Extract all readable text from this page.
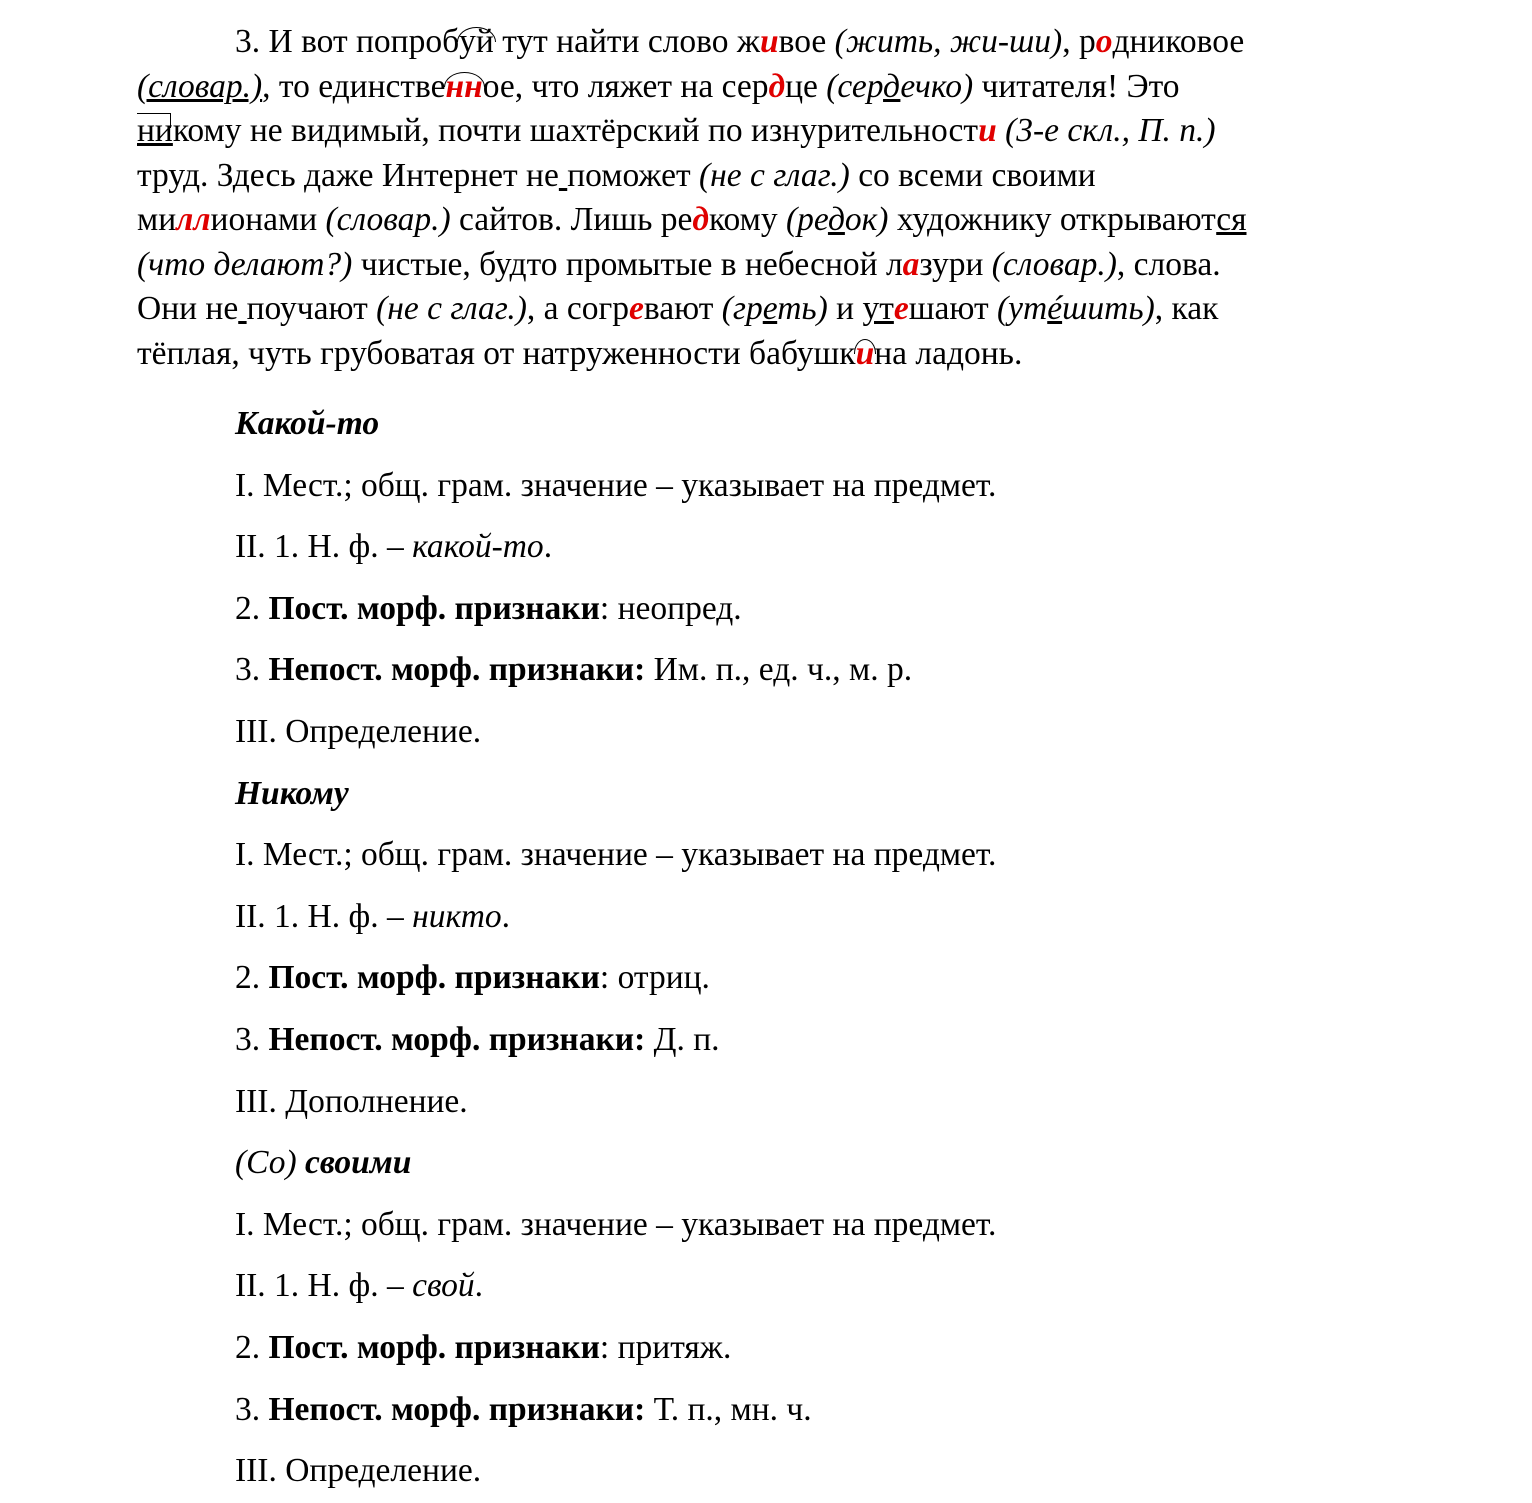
3. И вот попробуй тут найти слово живое (жить, жи-ши), родниковое
(словар.), то единственное, что ляжет на сердце (сердечко) читателя! Это
никому не видимый, почти шахтёрский по изнурительности (3-е скл., П. п.)
труд. Здесь даже Интернет не поможет (не с глаг.) со всеми своими
миллионами (словар.) сайтов. Лишь редкому (редок) художнику открываются
(что делают?) чистые, будто промытые в небесной лазури (словар.), слова.
Они не поучают (не с глаг.), а согревают (греть) и утешают (утéшить), как
тёплая, чуть грубоватая от натруженности бабушкина ладонь.
Какой-то
I. Мест.; общ. грам. значение – указывает на предмет.
II. 1. Н. ф. – какой-то.
2. Пост. морф. признаки: неопред.
3. Непост. морф. признаки: Им. п., ед. ч., м. р.
III. Определение.
Никому
I. Мест.; общ. грам. значение – указывает на предмет.
II. 1. Н. ф. – никто.
2. Пост. морф. признаки: отриц.
3. Непост. морф. признаки: Д. п.
III. Дополнение.
(Со) своими
I. Мест.; общ. грам. значение – указывает на предмет.
II. 1. Н. ф. – свой.
2. Пост. морф. признаки: притяж.
3. Непост. морф. признаки: Т. п., мн. ч.
III. Определение.
